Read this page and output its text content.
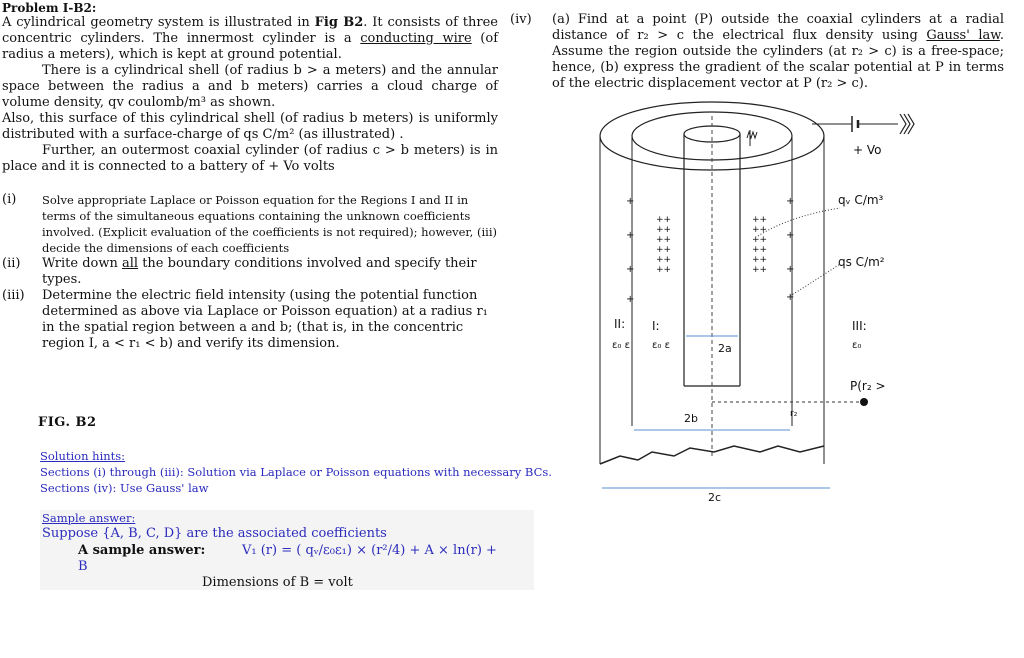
Problem I-B2:

A cylindrical geometry system is illustrated in Fig B2. It consists of three concentric cylinders. The innermost cylinder is a conducting wire (of radius a meters), which is kept at ground potential.

There is a cylindrical shell (of radius b > a meters) and the annular space between the radius a and b meters) carries a cloud charge of volume density, qv coulomb/m³ as shown.

Also, this surface of this cylindrical shell (of radius b meters) is uniformly distributed with a surface-charge of qs C/m² (as illustrated) .

Further, an outermost coaxial cylinder (of radius c > b meters) is in place and it is connected to a battery of + Vo volts

(i) Solve appropriate Laplace or Poisson equation for the Regions I and II in terms of the simultaneous equations containing the unknown coefficients involved. (Explicit evaluation of the coefficients is not required); however, (iii) decide the dimensions of each coefficients
(ii) Write down all the boundary conditions involved and specify their types.
(iii) Determine the electric field intensity (using the potential function determined as above via Laplace or Poisson equation) at a radius r₁ in the spatial region between a and b; (that is, in the concentric region I, a < r₁ < b) and verify its dimension.
(iv) (a) Find at a point (P) outside the coaxial cylinders at a radial distance of r₂ > c the electrical flux density using Gauss' law. Assume the region outside the cylinders (at r₂ > c) is a free-space; hence, (b) express the gradient of the scalar potential at P in terms of the electric displacement vector at P (r₂ > c).
FIG. B2
Solution hints:
Sections (i) through (iii): Solution via Laplace or Poisson equations with necessary BCs.
Sections (iv): Use Gauss' law
Sample answer:
Suppose {A, B, C, D} are the associated coefficients
A sample answer:	V₁ (r) = ( qᵥ/ε₀ε₁) × (r²/4) + A × ln(r) +
B
Dimensions of B = volt
+ Vo
+
+
+
+
+
+
+
+
++
++
++
++
++
++
++
++
++
++
++
++
qᵥ C/m³
qs C/m²
II: I:	III:
ε₀ ε ε₀ ε	ε₀
2a
2b
2c
r₂
P(r₂ >
